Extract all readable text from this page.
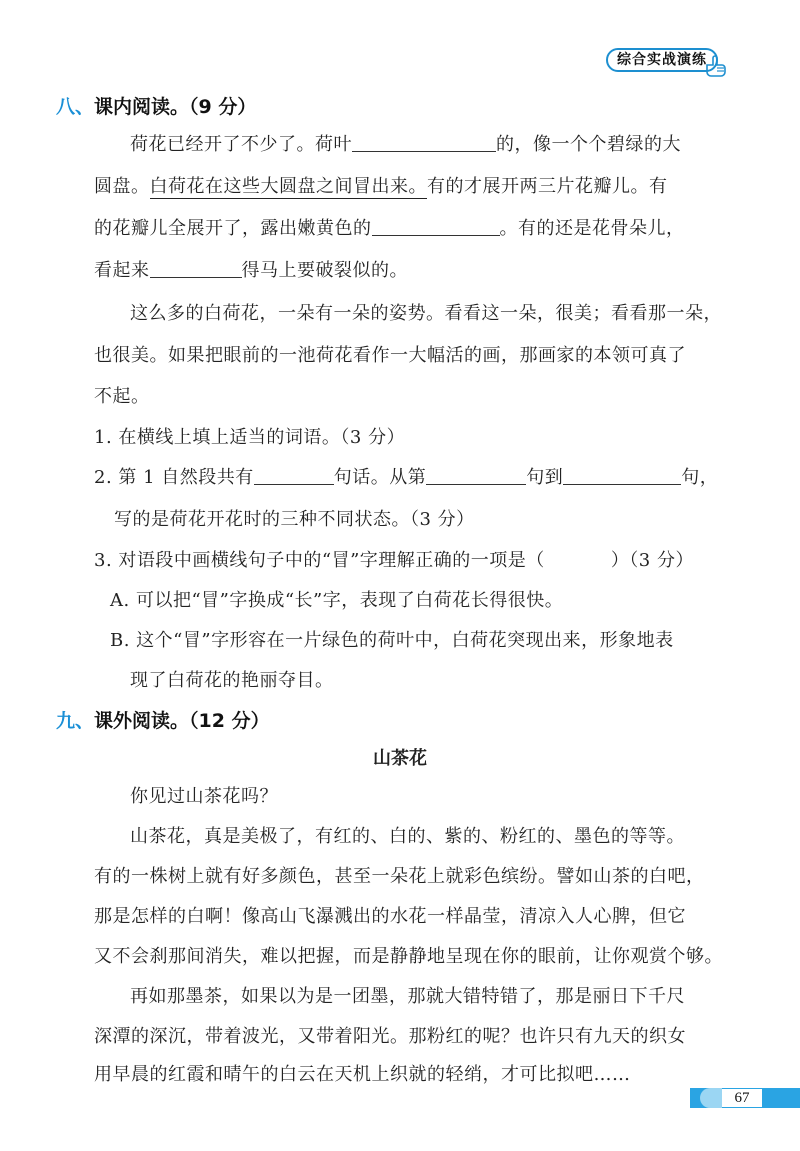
综合实战演练
八、课内阅读。（9 分）
荷花已经开了不少了。荷叶	的，像一个个碧绿的大
圆盘。白荷花在这些大圆盘之间冒出来。有的才展开两三片花瓣儿。有
的花瓣儿全展开了，露出嫩黄色的	。有的还是花骨朵儿，
看起来	得马上要破裂似的。
这么多的白荷花，一朵有一朵的姿势。看看这一朵，很美；看看那一朵，
也很美。如果把眼前的一池荷花看作一大幅活的画，那画家的本领可真了
不起。
1. 在横线上填上适当的词语。（3 分）
2. 第 1 自然段共有	句话。从第	句到	句，
写的是荷花开花时的三种不同状态。（3 分）
3. 对语段中画横线句子中的“冒”字理解正确的一项是（	）（3 分）
A. 可以把“冒”字换成“长”字，表现了白荷花长得很快。
B. 这个“冒”字形容在一片绿色的荷叶中，白荷花突现出来，形象地表
现了白荷花的艳丽夺目。
九、课外阅读。（12 分）
山茶花
你见过山茶花吗？
山茶花，真是美极了，有红的、白的、紫的、粉红的、墨色的等等。
有的一株树上就有好多颜色，甚至一朵花上就彩色缤纷。譬如山茶的白吧，
那是怎样的白啊！像高山飞瀑溅出的水花一样晶莹，清凉入人心脾，但它
又不会刹那间消失，难以把握，而是静静地呈现在你的眼前，让你观赏个够。
再如那墨茶，如果以为是一团墨，那就大错特错了，那是丽日下千尺
深潭的深沉，带着波光，又带着阳光。那粉红的呢？也许只有九天的织女
用早晨的红霞和晴午的白云在天机上织就的轻绡，才可比拟吧……
67
